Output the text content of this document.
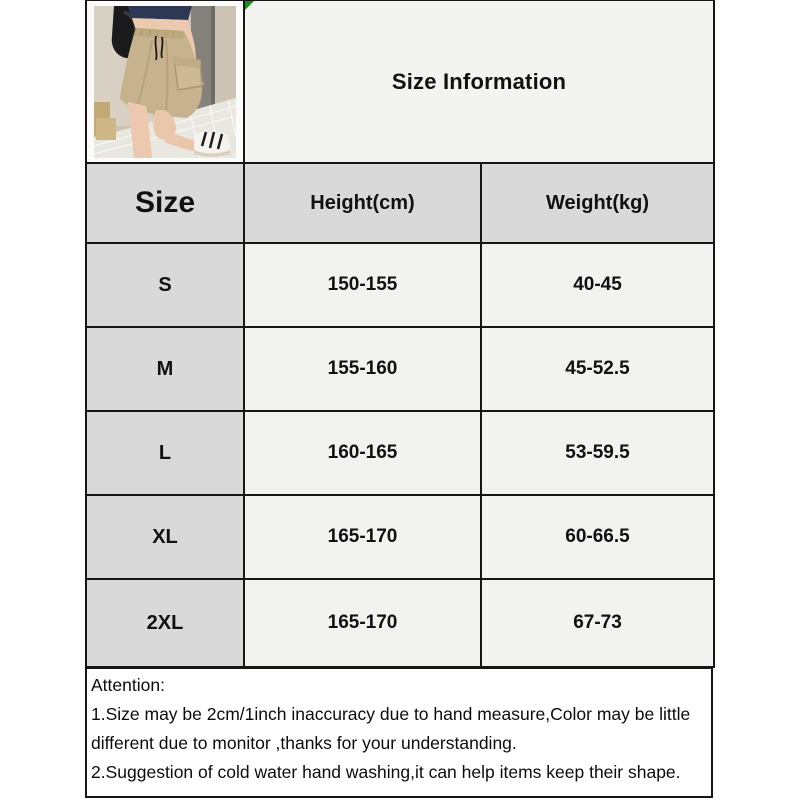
Size Information	
Size	Height(cm)	Weight(kg)
S	150-155	40-45
M	155-160	45-52.5
L	160-165	53-59.5
XL	165-170	60-66.5
2XL	165-170	67-73
Attention:
1.Size may be 2cm/1inch inaccuracy due to hand measure,Color may be little
different due to monitor ,thanks for your understanding.
2.Suggestion of cold water hand washing,it can help items keep their shape.
